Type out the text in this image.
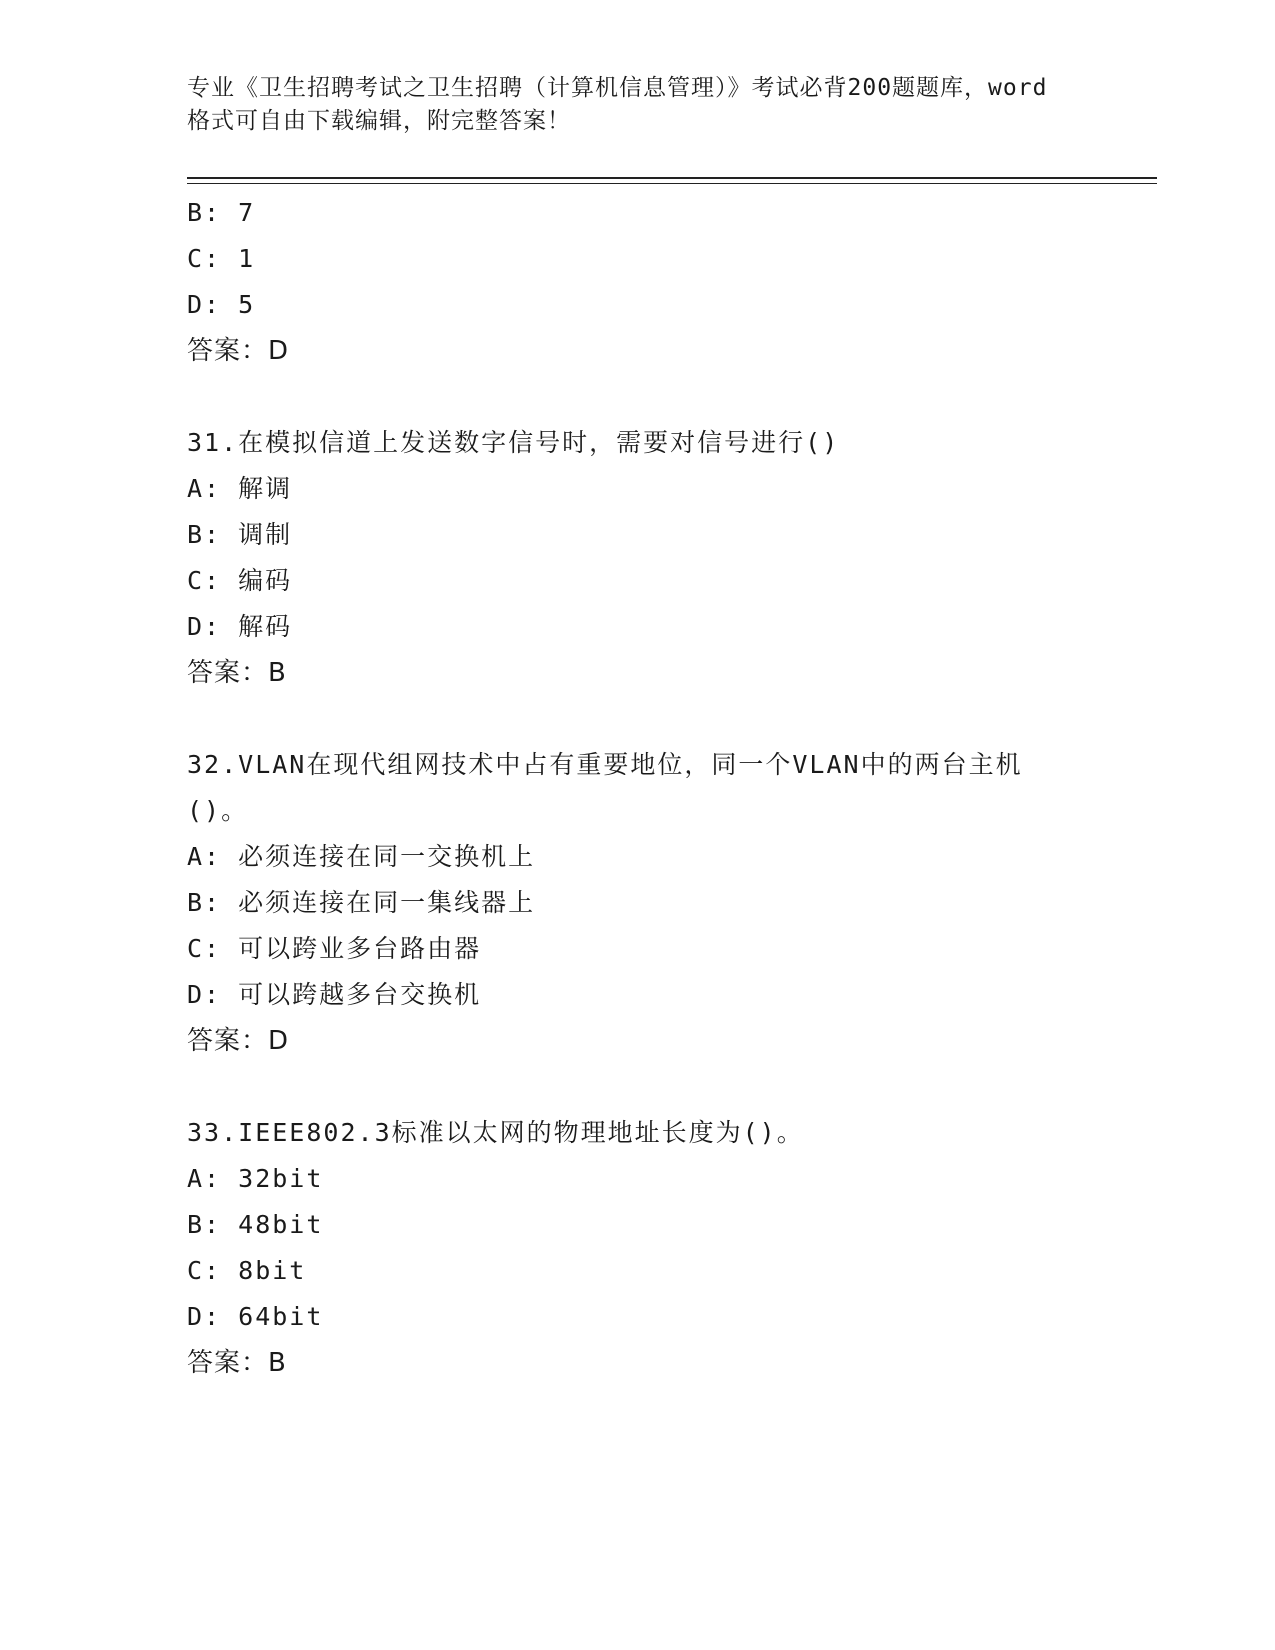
专业《卫生招聘考试之卫生招聘（计算机信息管理）》考试必背200题题库，word
格式可自由下载编辑，附完整答案！
B: 7
C: 1
D: 5
答案：D
31.在模拟信道上发送数字信号时，需要对信号进行()
A: 解调
B: 调制
C: 编码
D: 解码
答案：B
32.VLAN在现代组网技术中占有重要地位，同一个VLAN中的两台主机
()。
A: 必须连接在同一交换机上
B: 必须连接在同一集线器上
C: 可以跨业多台路由器
D: 可以跨越多台交换机
答案：D
33.IEEE802.3标准以太网的物理地址长度为()。
A: 32bit
B: 48bit
C: 8bit
D: 64bit
答案：B
